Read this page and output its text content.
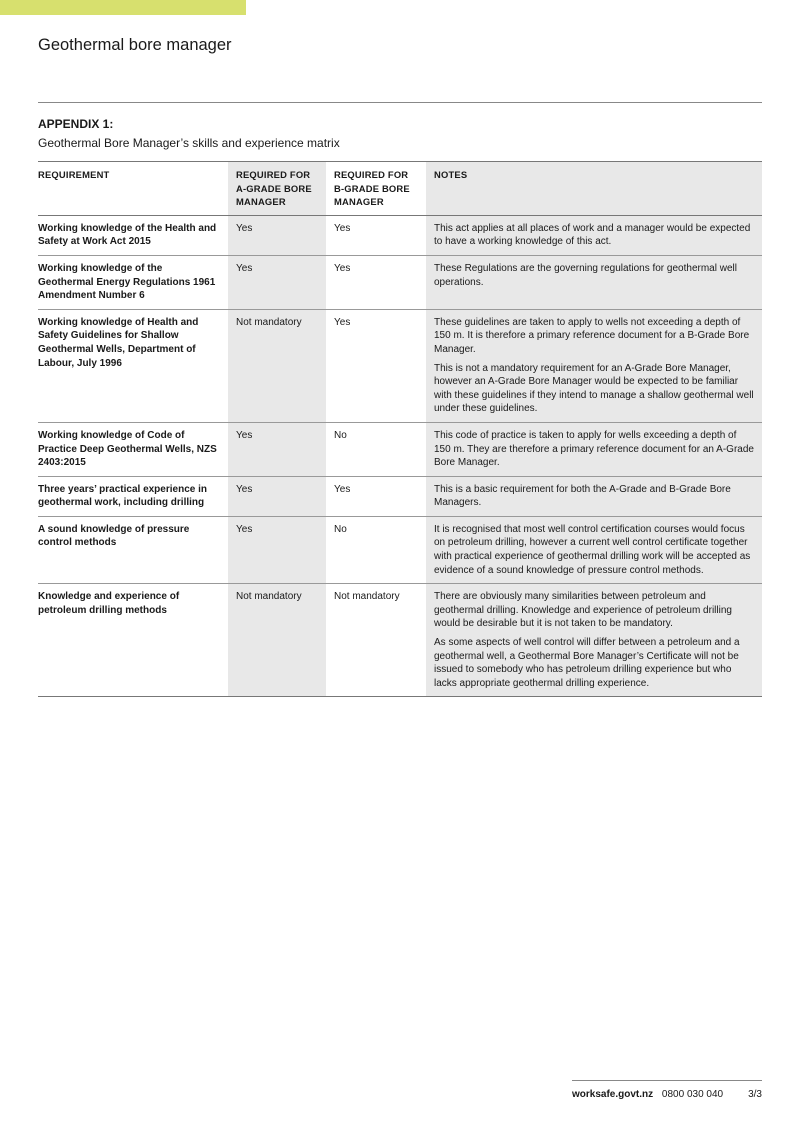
Geothermal bore manager
APPENDIX 1:

Geothermal Bore Manager’s skills and experience matrix

REQUIREMENT	REQUIRED FOR A-GRADE BORE MANAGER	REQUIRED FOR B-GRADE BORE MANAGER	NOTES
Working knowledge of the Health and Safety at Work Act 2015	Yes	Yes	This act applies at all places of work and a manager would be expected to have a working knowledge of this act.

Working knowledge of the Geothermal Energy Regulations 1961 Amendment Number 6	Yes	Yes	These Regulations are the governing regulations for geothermal well operations.

Working knowledge of Health and Safety Guidelines for Shallow Geothermal Wells, Department of Labour, July 1996	Not mandatory	Yes	These guidelines are taken to apply to wells not exceeding a depth of 150 m. It is therefore a primary reference document for a B-Grade Bore Manager.

This is not a mandatory requirement for an A-Grade Bore Manager, however an A-Grade Bore Manager would be expected to be familiar with these guidelines if they intend to manage a shallow geothermal well under these guidelines.

Working knowledge of Code of Practice Deep Geothermal Wells, NZS 2403:2015	Yes	No	This code of practice is taken to apply for wells exceeding a depth of 150 m. They are therefore a primary reference document for an A-Grade Bore Manager.

Three years’ practical experience in geothermal work, including drilling	Yes	Yes	This is a basic requirement for both the A-Grade and B-Grade Bore Managers.

A sound knowledge of pressure control methods	Yes	No	It is recognised that most well control certification courses would focus on petroleum drilling, however a current well control certificate together with practical experience of geothermal drilling work will be accepted as evidence of a sound knowledge of pressure control methods.

Knowledge and experience of petroleum drilling methods	Not mandatory	Not mandatory	There are obviously many similarities between petroleum and geothermal drilling. Knowledge and experience of petroleum drilling would be desirable but it is not taken to be mandatory.

As some aspects of well control will differ between a petroleum and a geothermal well, a Geothermal Bore Manager’s Certificate will not be issued to somebody who has petroleum drilling experience but who lacks appropriate geothermal drilling experience.

worksafe.govt.nz 0800 030 040	3/3
